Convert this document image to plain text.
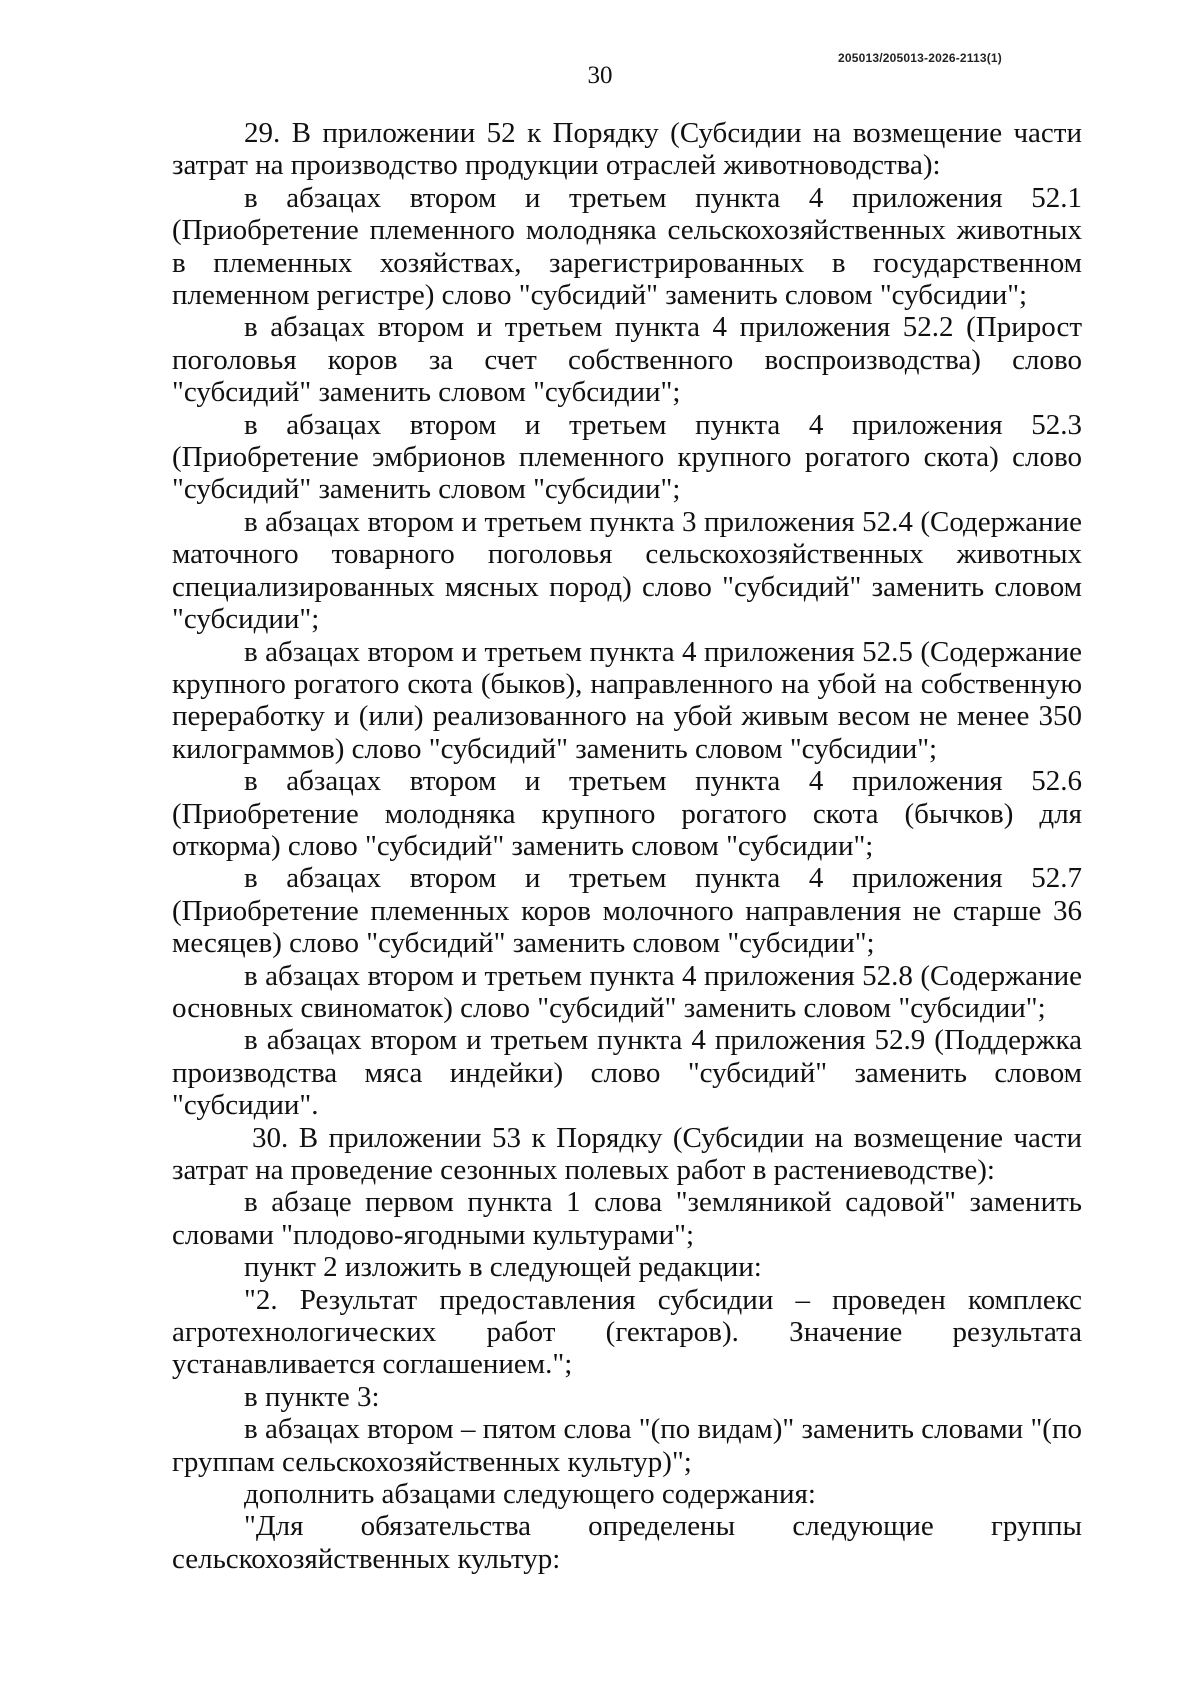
205013/205013-2026-2113(1)
30

29. В приложении 52 к Порядку (Субсидии на возмещение части затрат на производство продукции отраслей животноводства):

в абзацах втором и третьем пункта 4 приложения 52.1 (Приобретение племенного молодняка сельскохозяйственных животных в племенных хозяйствах, зарегистрированных в государственном племенном регистре) слово "субсидий" заменить словом "субсидии";

в абзацах втором и третьем пункта 4 приложения 52.2 (Прирост поголовья коров за счет собственного воспроизводства) слово "субсидий" заменить словом "субсидии";

в абзацах втором и третьем пункта 4 приложения 52.3 (Приобретение эмбрионов племенного крупного рогатого скота) слово "субсидий" заменить словом "субсидии";

в абзацах втором и третьем пункта 3 приложения 52.4 (Содержание маточного товарного поголовья сельскохозяйственных животных специализированных мясных пород) слово "субсидий" заменить словом "субсидии";

в абзацах втором и третьем пункта 4 приложения 52.5 (Содержание крупного рогатого скота (быков), направленного на убой на собственную переработку и (или) реализованного на убой живым весом не менее 350 килограммов) слово "субсидий" заменить словом "субсидии";

в абзацах втором и третьем пункта 4 приложения 52.6 (Приобретение молодняка крупного рогатого скота (бычков) для откорма) слово "субсидий" заменить словом "субсидии";

в абзацах втором и третьем пункта 4 приложения 52.7 (Приобретение племенных коров молочного направления не старше 36 месяцев) слово "субсидий" заменить словом "субсидии";

в абзацах втором и третьем пункта 4 приложения 52.8 (Содержание основных свиноматок) слово "субсидий" заменить словом "субсидии";

в абзацах втором и третьем пункта 4 приложения 52.9 (Поддержка производства мяса индейки) слово "субсидий" заменить словом "субсидии".

30. В приложении 53 к Порядку (Субсидии на возмещение части затрат на проведение сезонных полевых работ в растениеводстве):

в абзаце первом пункта 1 слова "земляникой садовой" заменить словами "плодово-ягодными культурами";

пункт 2 изложить в следующей редакции:

"2. Результат предоставления субсидии – проведен комплекс агротехнологических работ (гектаров). Значение результата устанавливается соглашением.";

в пункте 3:

в абзацах втором – пятом слова "(по видам)" заменить словами "(по группам сельскохозяйственных культур)";

дополнить абзацами следующего содержания:

"Для обязательства определены следующие группы сельскохозяйственных культур:
